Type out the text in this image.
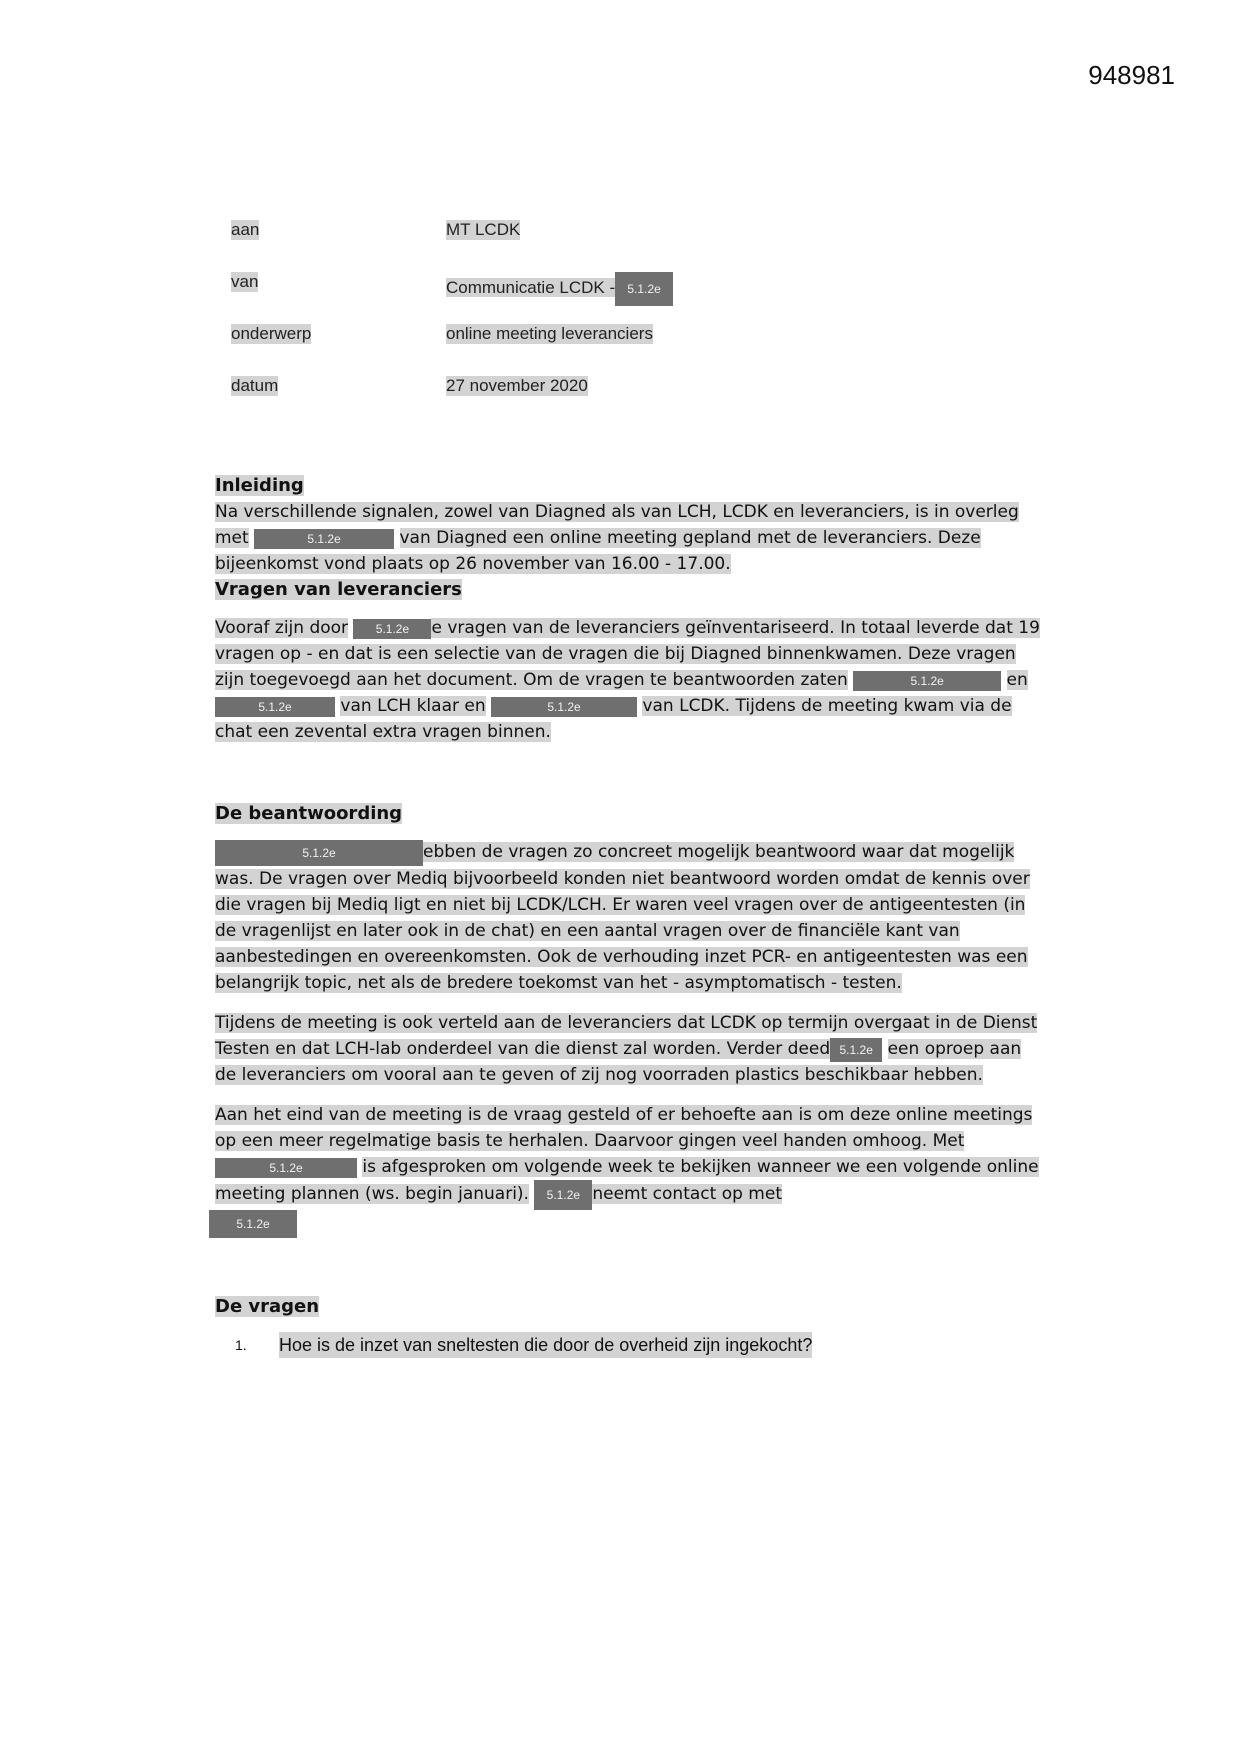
948981
aan	MT LCDK
van	Communicatie LCDK - 5.1.2e
onderwerp	online meeting leveranciers
datum	27 november 2020
Inleiding

Na verschillende signalen, zowel van Diagned als van LCH, LCDK en leveranciers, is in overleg met	5.1.2e	van Diagned een online meeting gepland met de leveranciers. Deze bijeenkomst vond plaats op 26 november van 16.00 - 17.00.

Vragen van leveranciers

Vooraf zijn door 5.1.2e e vragen van de leveranciers geïnventariseerd. In totaal leverde dat 19 vragen op - en dat is een selectie van de vragen die bij Diagned binnenkwamen. Deze vragen zijn toegevoegd aan het document. Om de vragen te beantwoorden zaten	5.1.2e	en 5.1.2e	van LCH klaar en	5.1.2e	van LCDK. Tijdens de meeting kwam via de chat een zevental extra vragen binnen.

De beantwoording

5.1.2e	ebben de vragen zo concreet mogelijk beantwoord waar dat mogelijk was. De vragen over Mediq bijvoorbeeld konden niet beantwoord worden omdat de kennis over die vragen bij Mediq ligt en niet bij LCDK/LCH. Er waren veel vragen over de antigeentesten (in de vragenlijst en later ook in de chat) en een aantal vragen over de financiële kant van aanbestedingen en overeenkomsten. Ook de verhouding inzet PCR- en antigeentesten was een belangrijk topic, net als de bredere toekomst van het - asymptomatisch - testen.

Tijdens de meeting is ook verteld aan de leveranciers dat LCDK op termijn overgaat in de Dienst Testen en dat LCH-lab onderdeel van die dienst zal worden. Verder deed 5.1.2e een oproep aan de leveranciers om vooral aan te geven of zij nog voorraden plastics beschikbaar hebben.

Aan het eind van de meeting is de vraag gesteld of er behoefte aan is om deze online meetings op een meer regelmatige basis te herhalen. Daarvoor gingen veel handen omhoog. Met 5.1.2e	is afgesproken om volgende week te bekijken wanneer we een volgende online meeting plannen (ws. begin januari). 5.1.2e neemt contact op met
5.1.2e

De vragen
1. Hoe is de inzet van sneltesten die door de overheid zijn ingekocht?
